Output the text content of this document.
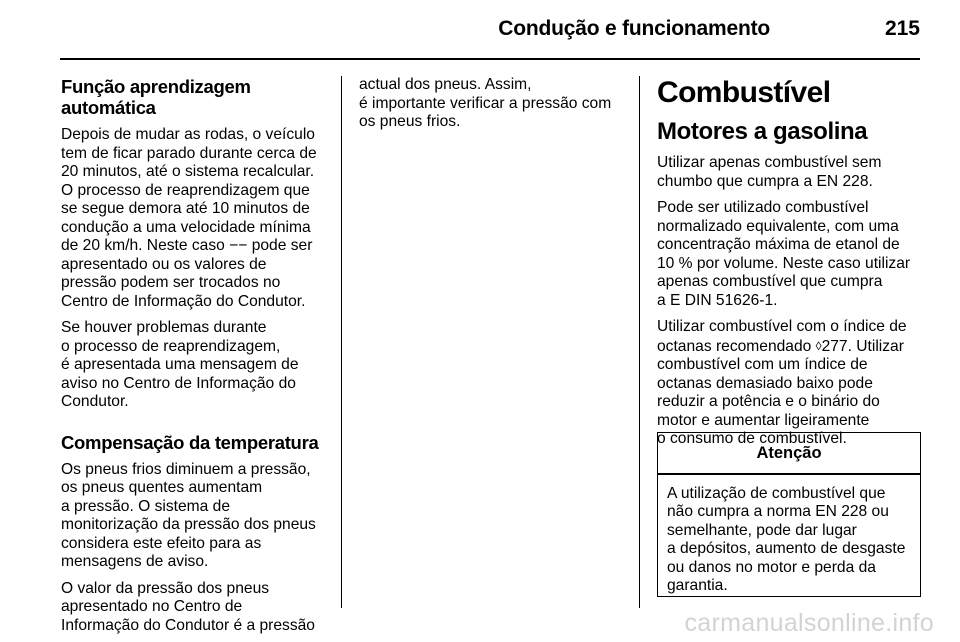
Condução e funcionamento	215

Função aprendizagem
automática

Depois de mudar as rodas, o veículo
tem de ficar parado durante cerca de
20 minutos, até o sistema recalcular.
O processo de reaprendizagem que
se segue demora até 10 minutos de
condução a uma velocidade mínima
de 20 km/h. Neste caso −− pode ser
apresentado ou os valores de
pressão podem ser trocados no
Centro de Informação do Condutor.

Se houver problemas durante
o processo de reaprendizagem,
é apresentada uma mensagem de
aviso no Centro de Informação do
Condutor.

Compensação da temperatura

Os pneus frios diminuem a pressão,
os pneus quentes aumentam
a pressão. O sistema de
monitorização da pressão dos pneus
considera este efeito para as
mensagens de aviso.

O valor da pressão dos pneus
apresentado no Centro de
Informação do Condutor é a pressão

actual dos pneus. Assim,
é importante verificar a pressão com
os pneus frios.

Combustível

Motores a gasolina

Utilizar apenas combustível sem
chumbo que cumpra a EN 228.

Pode ser utilizado combustível
normalizado equivalente, com uma
concentração máxima de etanol de
10 % por volume. Neste caso utilizar
apenas combustível que cumpra
a E DIN 51626-1.

Utilizar combustível com o índice de
octanas recomendado ◊277. Utilizar
combustível com um índice de
octanas demasiado baixo pode
reduzir a potência e o binário do
motor e aumentar ligeiramente
o consumo de combustível.

Atenção
A utilização de combustível que
não cumpra a norma EN 228 ou
semelhante, pode dar lugar
a depósitos, aumento de desgaste
ou danos no motor e perda da
garantia.
carmanualsonline.info
